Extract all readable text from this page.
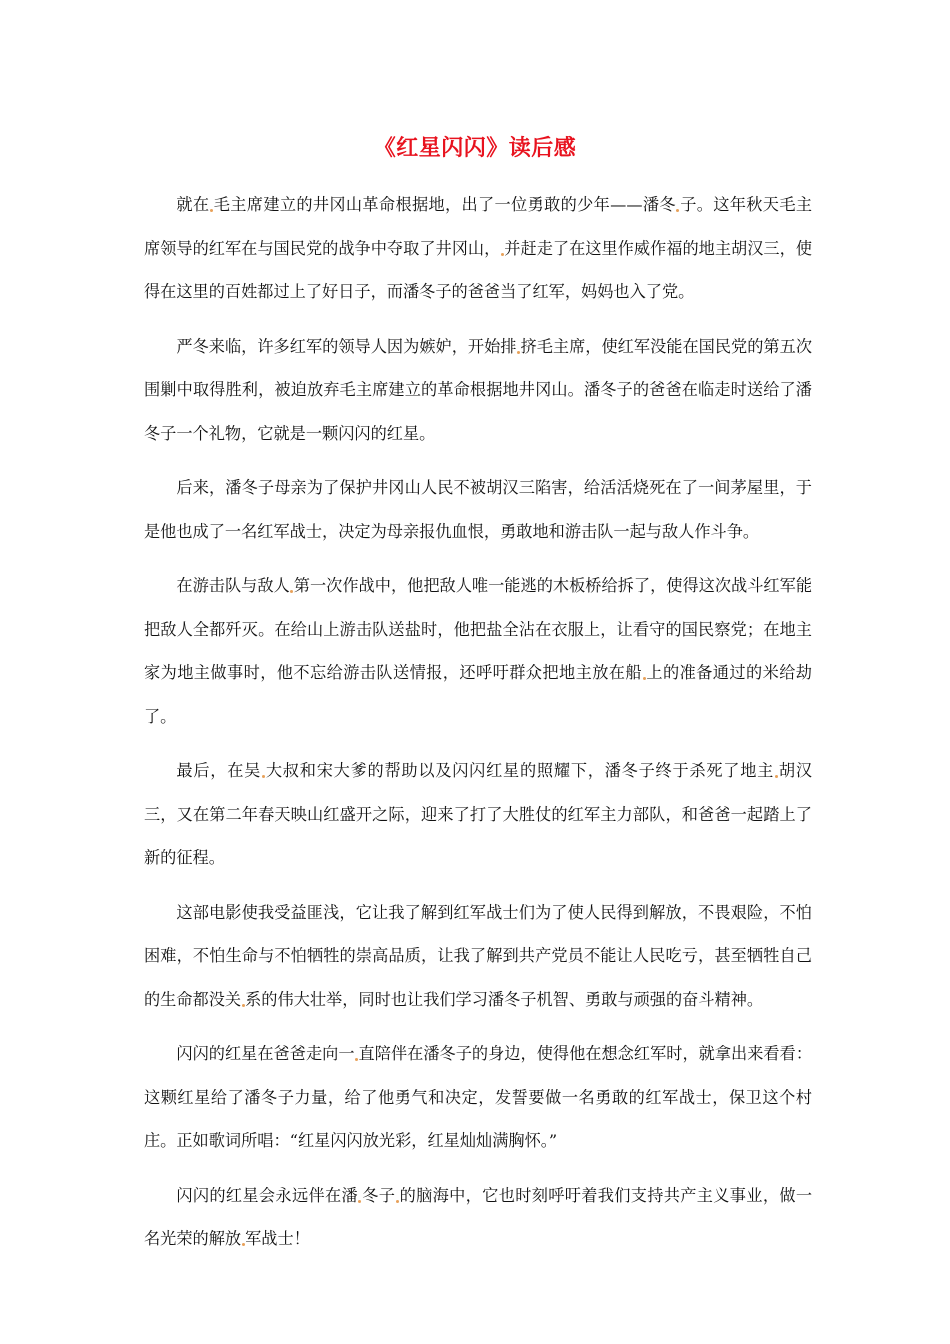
《红星闪闪》读后感

就在 毛主席建立的井冈山革命根据地，出了一位勇敢的少年——潘冬 子。这年秋天毛主席领导的红军在与国民党的战争中夺取了井冈山， 并赶走了在这里作威作福的地主胡汉三，使得在这里的百姓都过上了好日子，而潘冬子的爸爸当了红军，妈妈也入了党。

严冬来临，许多红军的领导人因为嫉妒，开始排 挤毛主席，使红军没能在国民党的第五次围剿中取得胜利，被迫放弃毛主席建立的革命根据地井冈山。潘冬子的爸爸在临走时送给了潘冬子一个礼物，它就是一颗闪闪的红星。

后来，潘冬子母亲为了保护井冈山人民不被胡汉三陷害，给活活烧死在了一间茅屋里，于是他也成了一名红军战士，决定为母亲报仇血恨，勇敢地和游击队一起与敌人作斗争。

在游击队与敌人 第一次作战中，他把敌人唯一能逃的木板桥给拆了，使得这次战斗红军能把敌人全都歼灭。在给山上游击队送盐时，他把盐全沾在衣服上，让看守的国民察党；在地主家为地主做事时，他不忘给游击队送情报，还呼吁群众把地主放在船 上的准备通过的米给劫了。

最后，在吴 大叔和宋大爹的帮助以及闪闪红星的照耀下，潘冬子终于杀死了地主 胡汉三，又在第二年春天映山红盛开之际，迎来了打了大胜仗的红军主力部队，和爸爸一起踏上了新的征程。

这部电影使我受益匪浅，它让我了解到红军战士们为了使人民得到解放，不畏艰险，不怕困难，不怕生命与不怕牺牲的崇高品质，让我了解到共产党员不能让人民吃亏，甚至牺牲自己的生命都没关 系的伟大壮举，同时也让我们学习潘冬子机智、勇敢与顽强的奋斗精神。

闪闪的红星在爸爸走向一 直陪伴在潘冬子的身边，使得他在想念红军时，就拿出来看看：这颗红星给了潘冬子力量，给了他勇气和决定，发誓要做一名勇敢的红军战士，保卫这个村庄。正如歌词所唱：“红星闪闪放光彩，红星灿灿满胸怀。”

闪闪的红星会永远伴在潘 冬子 的脑海中，它也时刻呼吁着我们支持共产主义事业，做一名光荣的解放 军战士！
